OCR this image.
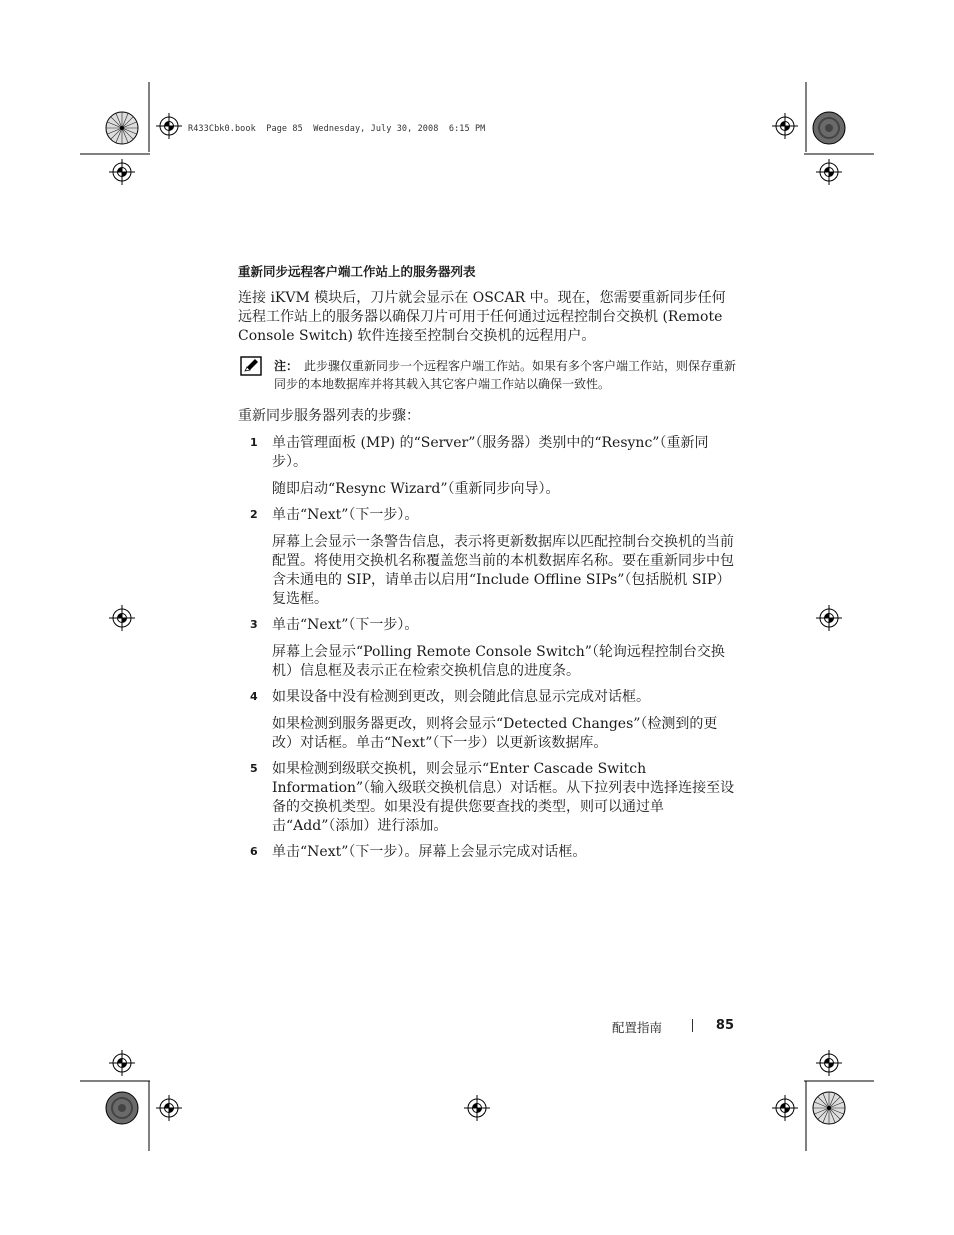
R433Cbk0.book  Page 85  Wednesday, July 30, 2008  6:15 PM
重新同步远程客户端工作站上的服务器列表

连接 iKVM 模块后，刀片就会显示在 OSCAR 中。现在，您需要重新同步任何远程工作站上的服务器以确保刀片可用于任何通过远程控制台交换机 (Remote Console Switch) 软件连接至控制台交换机的远程用户。

注： 此步骤仅重新同步一个远程客户端工作站。如果有多个客户端工作站，则保存重新同步的本地数据库并将其载入其它客户端工作站以确保一致性。

重新同步服务器列表的步骤：

1 单击管理面板 (MP) 的“Server”（服务器）类别中的“Resync”（重新同步）。

随即启动“Resync Wizard”（重新同步向导）。

2 单击“Next”（下一步）。

屏幕上会显示一条警告信息，表示将更新数据库以匹配控制台交换机的当前配置。将使用交换机名称覆盖您当前的本机数据库名称。要在重新同步中包含未通电的 SIP，请单击以启用“Include Offline SIPs”（包括脱机 SIP）复选框。

3 单击“Next”（下一步）。

屏幕上会显示“Polling Remote Console Switch”（轮询远程控制台交换机）信息框及表示正在检索交换机信息的进度条。

4 如果设备中没有检测到更改，则会随此信息显示完成对话框。

如果检测到服务器更改，则将会显示“Detected Changes”（检测到的更改）对话框。单击“Next”（下一步）以更新该数据库。

5 如果检测到级联交换机，则会显示“Enter Cascade Switch Information”（输入级联交换机信息）对话框。从下拉列表中选择连接至设备的交换机类型。如果没有提供您要查找的类型，则可以通过单击“Add”（添加）进行添加。

6 单击“Next”（下一步）。屏幕上会显示完成对话框。

配置指南	85
